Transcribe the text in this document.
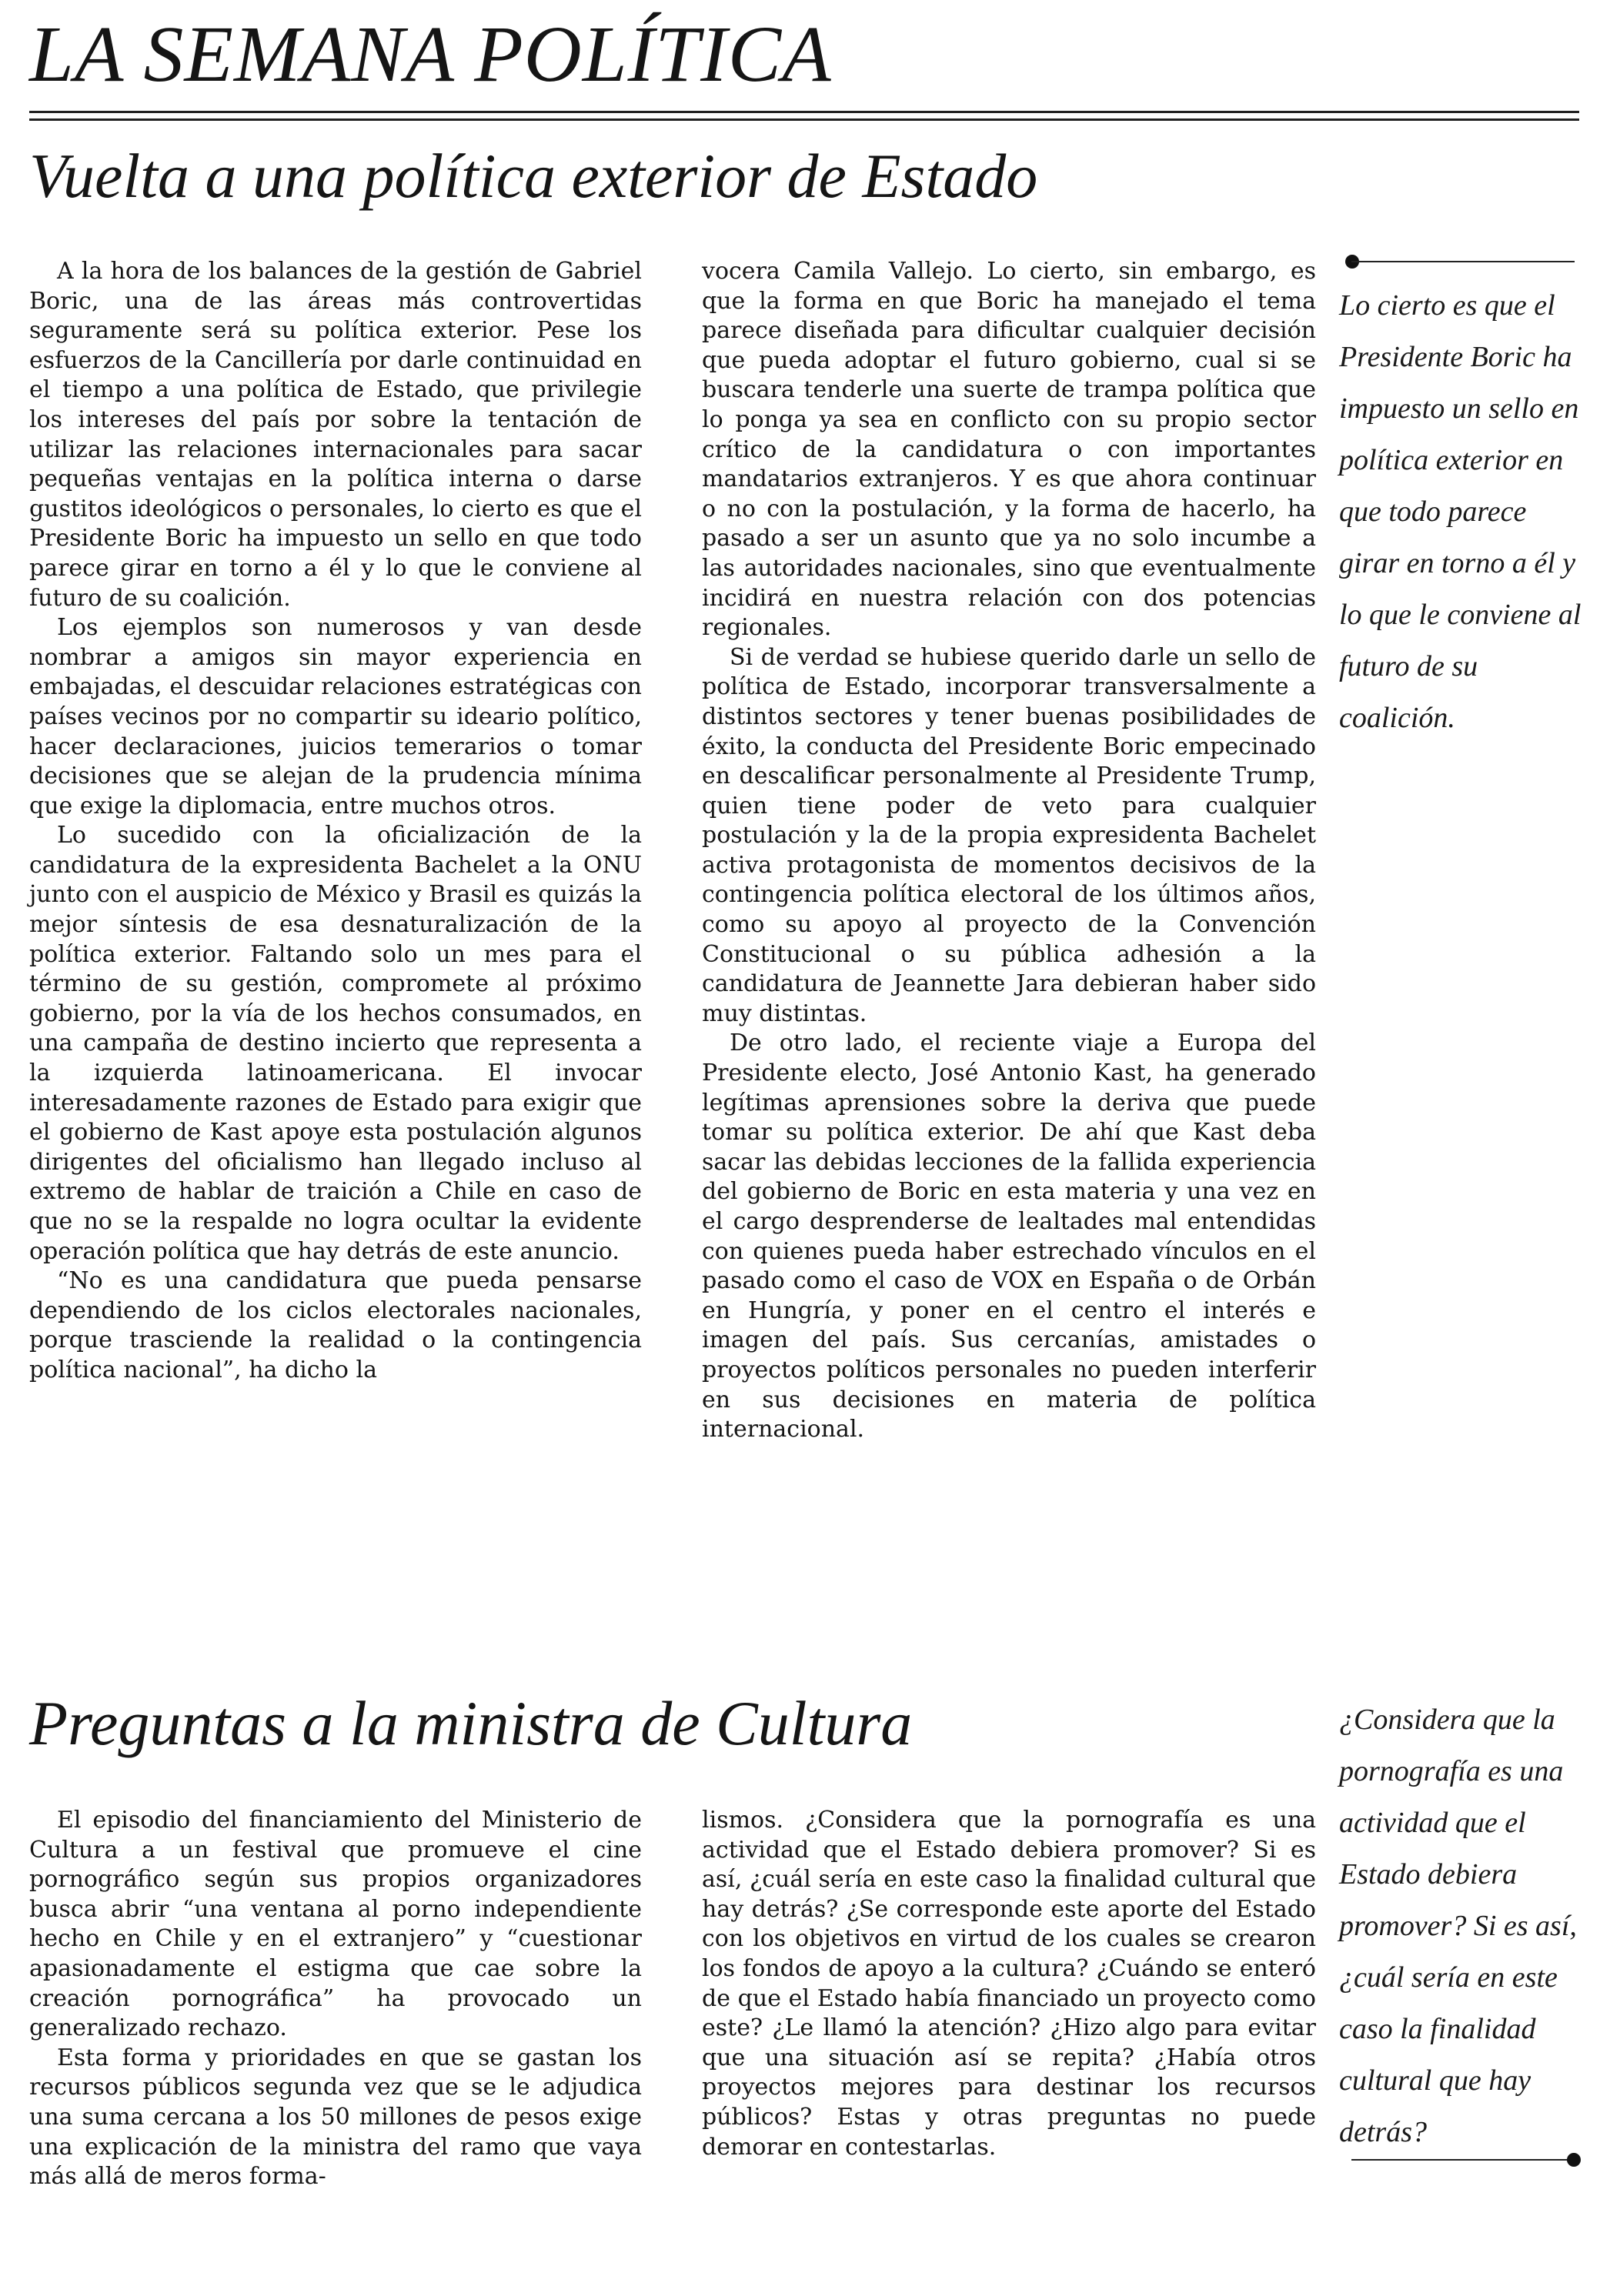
LA SEMANA POLÍTICA
Vuelta a una política exterior de Estado

A la hora de los balances de la gestión de Gabriel Boric, una de las áreas más controvertidas seguramente será su política exterior. Pese los esfuerzos de la Cancillería por darle continuidad en el tiempo a una política de Estado, que privilegie los intereses del país por sobre la tentación de utilizar las relaciones internacionales para sacar pequeñas ventajas en la política interna o darse gustitos ideológicos o personales, lo cierto es que el Presidente Boric ha impuesto un sello en que todo parece girar en torno a él y lo que le conviene al futuro de su coalición.

Los ejemplos son numerosos y van desde nombrar a amigos sin mayor experiencia en embajadas, el descuidar relaciones estratégicas con países vecinos por no compartir su ideario político, hacer declaraciones, juicios temerarios o tomar decisiones que se alejan de la prudencia mínima que exige la diplomacia, entre muchos otros.

Lo sucedido con la oficialización de la candidatura de la expresidenta Bachelet a la ONU junto con el auspicio de México y Brasil es quizás la mejor síntesis de esa desnaturalización de la política exterior. Faltando solo un mes para el término de su gestión, compromete al próximo gobierno, por la vía de los hechos consumados, en una campaña de destino incierto que representa a la izquierda latinoamericana. El invocar interesadamente razones de Estado para exigir que el gobierno de Kast apoye esta postulación algunos dirigentes del oficialismo han llegado incluso al extremo de hablar de traición a Chile en caso de que no se la respalde no logra ocultar la evidente operación política que hay detrás de este anuncio.

“No es una candidatura que pueda pensarse dependiendo de los ciclos electorales nacionales, porque trasciende la realidad o la contingencia política nacional”, ha dicho la

vocera Camila Vallejo. Lo cierto, sin embargo, es que la forma en que Boric ha manejado el tema parece diseñada para dificultar cualquier decisión que pueda adoptar el futuro gobierno, cual si se buscara tenderle una suerte de trampa política que lo ponga ya sea en conflicto con su propio sector crítico de la candidatura o con importantes mandatarios extranjeros. Y es que ahora continuar o no con la postulación, y la forma de hacerlo, ha pasado a ser un asunto que ya no solo incumbe a las autoridades nacionales, sino que eventualmente incidirá en nuestra relación con dos potencias regionales.

Si de verdad se hubiese querido darle un sello de política de Estado, incorporar transversalmente a distintos sectores y tener buenas posibilidades de éxito, la conducta del Presidente Boric empecinado en descalificar personalmente al Presidente Trump, quien tiene poder de veto para cualquier postulación y la de la propia expresidenta Bachelet activa protagonista de momentos decisivos de la contingencia política electoral de los últimos años, como su apoyo al proyecto de la Convención Constitucional o su pública adhesión a la candidatura de Jeannette Jara debieran haber sido muy distintas.

De otro lado, el reciente viaje a Europa del Presidente electo, José Antonio Kast, ha generado legítimas aprensiones sobre la deriva que puede tomar su política exterior. De ahí que Kast deba sacar las debidas lecciones de la fallida experiencia del gobierno de Boric en esta materia y una vez en el cargo desprenderse de lealtades mal entendidas con quienes pueda haber estrechado vínculos en el pasado como el caso de VOX en España o de Orbán en Hungría, y poner en el centro el interés e imagen del país. Sus cercanías, amistades o proyectos políticos personales no pueden interferir en sus decisiones en materia de política internacional.

Lo cierto es que el Presidente Boric ha impuesto un sello en política exterior en que todo parece girar en torno a él y lo que le conviene al futuro de su coalición.
Preguntas a la ministra de Cultura

El episodio del financiamiento del Ministerio de Cultura a un festival que promueve el cine pornográfico según sus propios organizadores busca abrir “una ventana al porno independiente hecho en Chile y en el extranjero” y “cuestionar apasionadamente el estigma que cae sobre la creación pornográfica” ha provocado un generalizado rechazo.

Esta forma y prioridades en que se gastan los recursos públicos segunda vez que se le adjudica una suma cercana a los 50 millones de pesos exige una explicación de la ministra del ramo que vaya más allá de meros forma-

lismos. ¿Considera que la pornografía es una actividad que el Estado debiera promover? Si es así, ¿cuál sería en este caso la finalidad cultural que hay detrás? ¿Se corresponde este aporte del Estado con los objetivos en virtud de los cuales se crearon los fondos de apoyo a la cultura? ¿Cuándo se enteró de que el Estado había financiado un proyecto como este? ¿Le llamó la atención? ¿Hizo algo para evitar que una situación así se repita? ¿Había otros proyectos mejores para destinar los recursos públicos? Estas y otras preguntas no puede demorar en contestarlas.

¿Considera que la pornografía es una actividad que el Estado debiera promover? Si es así, ¿cuál sería en este caso la finalidad cultural que hay detrás?
